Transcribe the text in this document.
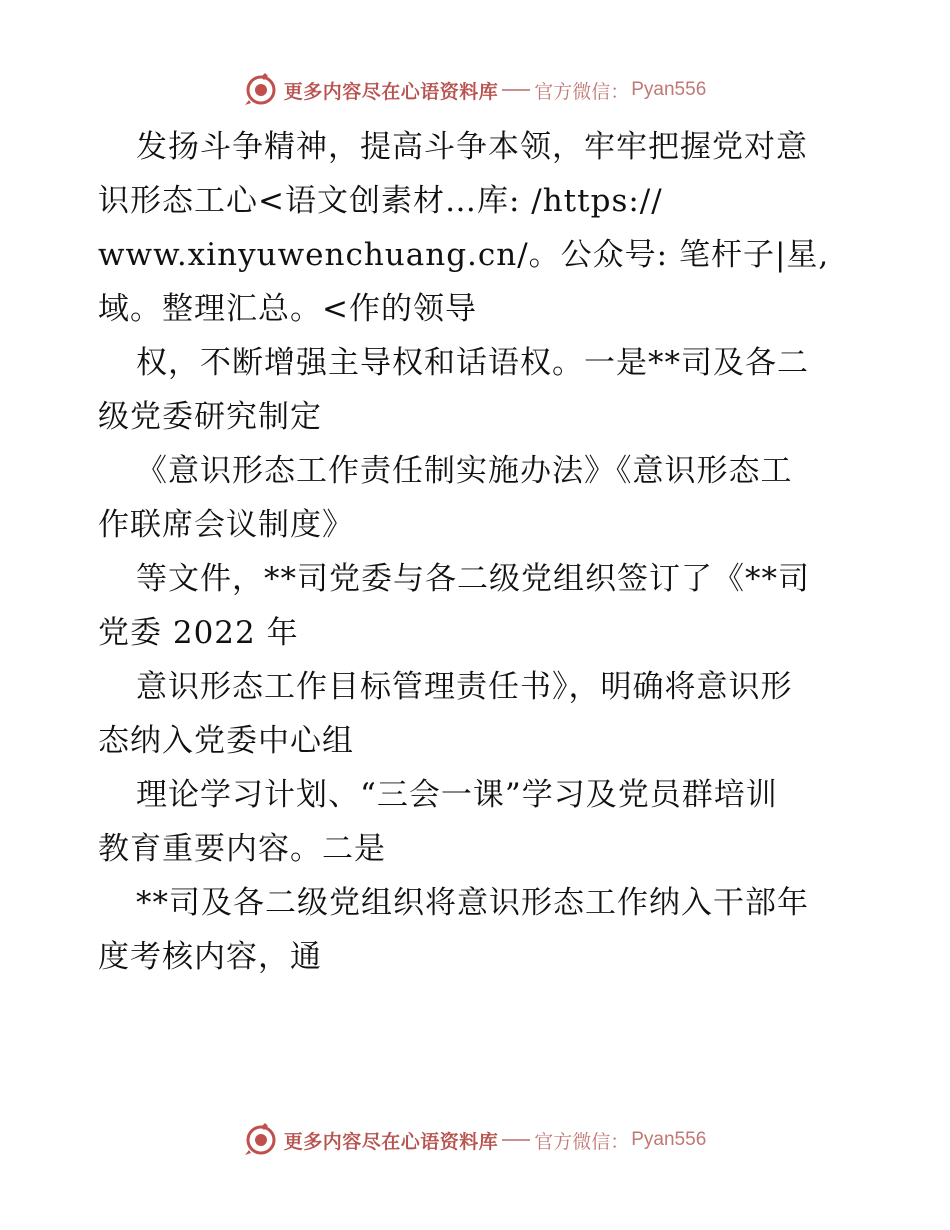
更多内容尽在心语资料库 官方微信： Pyan556
发扬斗争精神，提高斗争本领，牢牢把握党对意
识形态工心<语文创素材…库: /https://
www.xinyuwenchuang.cn/。公众号: 笔杆子|星,
域。整理汇总。<作的领导
权，不断增强主导权和话语权。一是**司及各二
级党委研究制定
《意识形态工作责任制实施办法》《意识形态工
作联席会议制度》
等文件，**司党委与各二级党组织签订了《**司
党委 2022 年
意识形态工作目标管理责任书》，明确将意识形
态纳入党委中心组
理论学习计划、“三会一课”学习及党员群培训
教育重要内容。二是
**司及各二级党组织将意识形态工作纳入干部年
度考核内容，通
更多内容尽在心语资料库 官方微信： Pyan556
